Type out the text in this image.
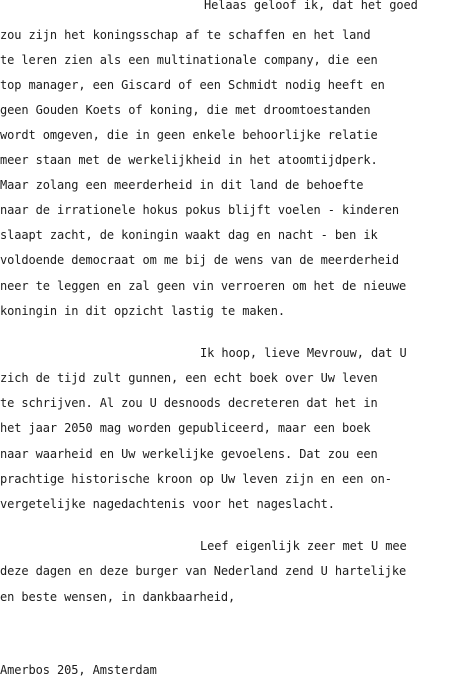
Helaas geloof ik, dat het goed
zou zijn het koningsschap af te schaffen en het land
te leren zien als een multinationale company, die een
top manager, een Giscard of een Schmidt nodig heeft en
geen Gouden Koets of koning, die met droomtoestanden
wordt omgeven, die in geen enkele behoorlijke relatie
meer staan met de werkelijkheid in het atoomtijdperk.
Maar zolang een meerderheid in dit land de behoefte
naar de irrationele hokus pokus blijft voelen - kinderen
slaapt zacht, de koningin waakt dag en nacht - ben ik
voldoende democraat om me bij de wens van de meerderheid
neer te leggen en zal geen vin verroeren om het de nieuwe
koningin in dit opzicht lastig te maken.
Ik hoop, lieve Mevrouw, dat U
zich de tijd zult gunnen, een echt boek over Uw leven
te schrijven. Al zou U desnoods decreteren dat het in
het jaar 2050 mag worden gepubliceerd, maar een boek
naar waarheid en Uw werkelijke gevoelens. Dat zou een
prachtige historische kroon op Uw leven zijn en een on-
vergetelijke nagedachtenis voor het nageslacht.
Leef eigenlijk zeer met U mee
deze dagen en deze burger van Nederland zend U hartelijke
en beste wensen, in dankbaarheid,
Amerbos 205, Amsterdam
